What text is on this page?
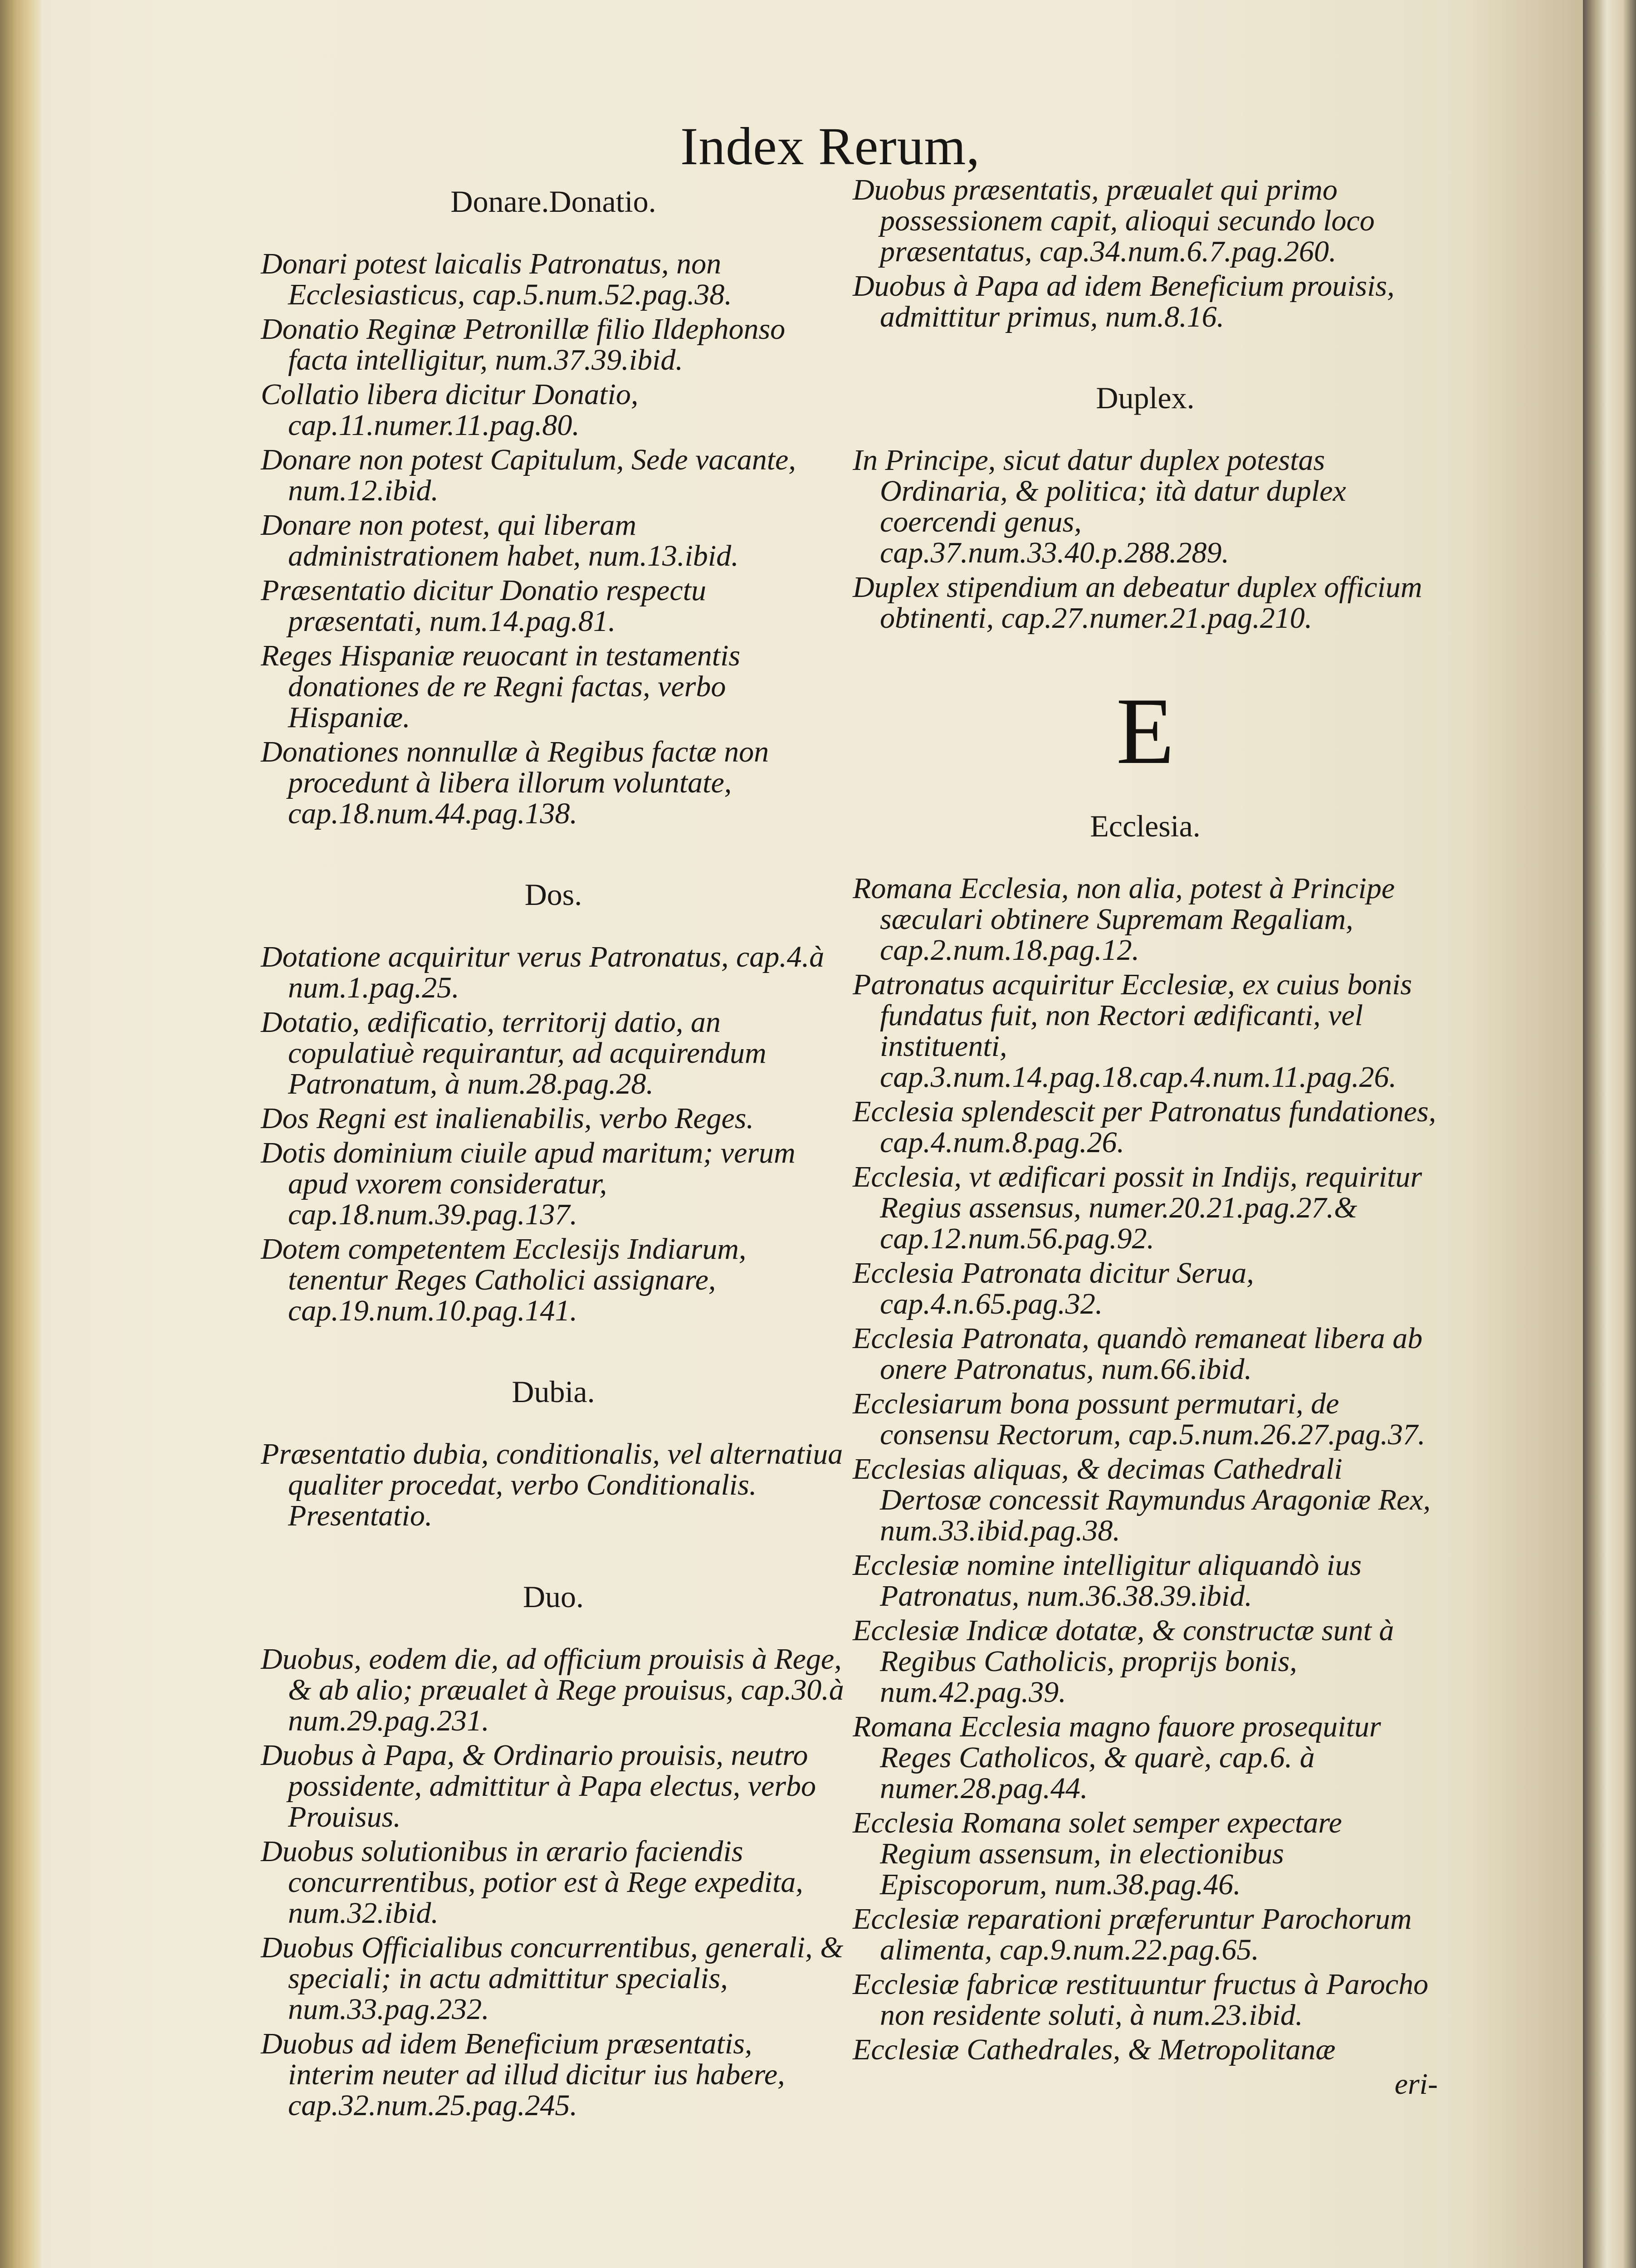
Index Rerum,
Donare.Donatio.
Donari potest laicalis Patronatus, non Ecclesiasticus, cap.5.num.52.pag.38.
Donatio Reginæ Petronillæ filio Ildephonso facta intelligitur, num.37.39.ibid.
Collatio libera dicitur Donatio, cap.11.numer.11.pag.80.
Donare non potest Capitulum, Sede vacante, num.12.ibid.
Donare non potest, qui liberam administrationem habet, num.13.ibid.
Præsentatio dicitur Donatio respectu præsentati, num.14.pag.81.
Reges Hispaniæ reuocant in testamentis donationes de re Regni factas, verbo Hispaniæ.
Donationes nonnullæ à Regibus factæ non procedunt à libera illorum voluntate, cap.18.num.44.pag.138.
Dos.
Dotatione acquiritur verus Patronatus, cap.4.à num.1.pag.25.
Dotatio, ædificatio, territorij datio, an copulatiuè requirantur, ad acquirendum Patronatum, à num.28.pag.28.
Dos Regni est inalienabilis, verbo Reges.
Dotis dominium ciuile apud maritum; verum apud vxorem consideratur, cap.18.num.39.pag.137.
Dotem competentem Ecclesijs Indiarum, tenentur Reges Catholici assignare, cap.19.num.10.pag.141.
Dubia.
Præsentatio dubia, conditionalis, vel alternatiua qualiter procedat, verbo Conditionalis. Presentatio.
Duo.
Duobus, eodem die, ad officium prouisis à Rege, & ab alio; præualet à Rege prouisus, cap.30.à num.29.pag.231.
Duobus à Papa, & Ordinario prouisis, neutro possidente, admittitur à Papa electus, verbo Prouisus.
Duobus solutionibus in ærario faciendis concurrentibus, potior est à Rege expedita, num.32.ibid.
Duobus Officialibus concurrentibus, generali, & speciali; in actu admittitur specialis, num.33.pag.232.
Duobus ad idem Beneficium præsentatis, interim neuter ad illud dicitur ius habere, cap.32.num.25.pag.245.
Duobus præsentatis, præualet qui primo possessionem capit, alioqui secundo loco præsentatus, cap.34.num.6.7.pag.260.
Duobus à Papa ad idem Beneficium prouisis, admittitur primus, num.8.16.
Duplex.
In Principe, sicut datur duplex potestas Ordinaria, & politica; ità datur duplex coercendi genus, cap.37.num.33.40.p.288.289.
Duplex stipendium an debeatur duplex officium obtinenti, cap.27.numer.21.pag.210.
E
Ecclesia.
Romana Ecclesia, non alia, potest à Principe sæculari obtinere Supremam Regaliam, cap.2.num.18.pag.12.
Patronatus acquiritur Ecclesiæ, ex cuius bonis fundatus fuit, non Rectori ædificanti, vel instituenti, cap.3.num.14.pag.18.cap.4.num.11.pag.26.
Ecclesia splendescit per Patronatus fundationes, cap.4.num.8.pag.26.
Ecclesia, vt ædificari possit in Indijs, requiritur Regius assensus, numer.20.21.pag.27.& cap.12.num.56.pag.92.
Ecclesia Patronata dicitur Serua, cap.4.n.65.pag.32.
Ecclesia Patronata, quandò remaneat libera ab onere Patronatus, num.66.ibid.
Ecclesiarum bona possunt permutari, de consensu Rectorum, cap.5.num.26.27.pag.37.
Ecclesias aliquas, & decimas Cathedrali Dertosæ concessit Raymundus Aragoniæ Rex, num.33.ibid.pag.38.
Ecclesiæ nomine intelligitur aliquandò ius Patronatus, num.36.38.39.ibid.
Ecclesiæ Indicæ dotatæ, & constructæ sunt à Regibus Catholicis, proprijs bonis, num.42.pag.39.
Romana Ecclesia magno fauore prosequitur Reges Catholicos, & quarè, cap.6. à numer.28.pag.44.
Ecclesia Romana solet semper expectare Regium assensum, in electionibus Episcoporum, num.38.pag.46.
Ecclesiæ reparationi præferuntur Parochorum alimenta, cap.9.num.22.pag.65.
Ecclesiæ fabricæ restituuntur fructus à Parocho non residente soluti, à num.23.ibid.
Ecclesiæ Cathedrales, & Metropolitanæ
eri-
